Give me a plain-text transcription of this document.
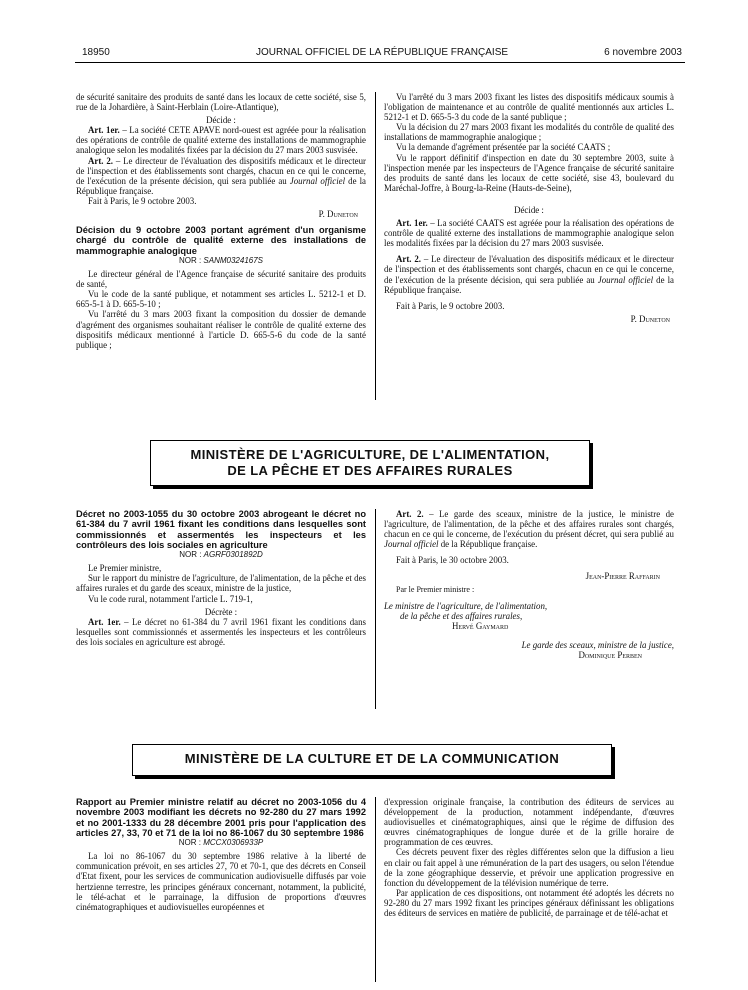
18950	JOURNAL OFFICIEL DE LA RÉPUBLIQUE FRANÇAISE	6 novembre 2003

de sécurité sanitaire des produits de santé dans les locaux de cette société, sise 5, rue de la Johardière, à Saint-Herblain (Loire-Atlantique),

Décide :

Art. 1er. – La société CETE APAVE nord-ouest est agréée pour la réalisation des opérations de contrôle de qualité externe des installations de mammographie analogique selon les modalités fixées par la décision du 27 mars 2003 susvisée.

Art. 2. – Le directeur de l'évaluation des dispositifs médicaux et le directeur de l'inspection et des établissements sont chargés, chacun en ce qui le concerne, de l'exécution de la présente décision, qui sera publiée au Journal officiel de la République française.

Fait à Paris, le 9 octobre 2003.

P. Duneton

Décision du 9 octobre 2003 portant agrément d'un organisme chargé du contrôle de qualité externe des installations de mammographie analogique

NOR : SANM0324167S

Le directeur général de l'Agence française de sécurité sanitaire des produits de santé,

Vu le code de la santé publique, et notamment ses articles L. 5212-1 et D. 665-5-1 à D. 665-5-10 ;

Vu l'arrêté du 3 mars 2003 fixant la composition du dossier de demande d'agrément des organismes souhaitant réaliser le contrôle de qualité externe des dispositifs médicaux mentionné à l'article D. 665-5-6 du code de la santé publique ;

Vu l'arrêté du 3 mars 2003 fixant les listes des dispositifs médicaux soumis à l'obligation de maintenance et au contrôle de qualité mentionnés aux articles L. 5212-1 et D. 665-5-3 du code de la santé publique ;

Vu la décision du 27 mars 2003 fixant les modalités du contrôle de qualité des installations de mammographie analogique ;

Vu la demande d'agrément présentée par la société CAATS ;

Vu le rapport définitif d'inspection en date du 30 septembre 2003, suite à l'inspection menée par les inspecteurs de l'Agence française de sécurité sanitaire des produits de santé dans les locaux de cette société, sise 43, boulevard du Maréchal-Joffre, à Bourg-la-Reine (Hauts-de-Seine),

Décide :

Art. 1er. – La société CAATS est agréée pour la réalisation des opérations de contrôle de qualité externe des installations de mammographie analogique selon les modalités fixées par la décision du 27 mars 2003 susvisée.

Art. 2. – Le directeur de l'évaluation des dispositifs médicaux et le directeur de l'inspection et des établissements sont chargés, chacun en ce qui le concerne, de l'exécution de la présente décision, qui sera publiée au Journal officiel de la République française.

Fait à Paris, le 9 octobre 2003.

P. Duneton

MINISTÈRE DE L'AGRICULTURE, DE L'ALIMENTATION,
DE LA PÊCHE ET DES AFFAIRES RURALES

Décret no 2003-1055 du 30 octobre 2003 abrogeant le décret no 61-384 du 7 avril 1961 fixant les conditions dans lesquelles sont commissionnés et assermentés les inspecteurs et les contrôleurs des lois sociales en agriculture

NOR : AGRF0301892D

Le Premier ministre,

Sur le rapport du ministre de l'agriculture, de l'alimentation, de la pêche et des affaires rurales et du garde des sceaux, ministre de la justice,

Vu le code rural, notamment l'article L. 719-1,

Décrète :

Art. 1er. – Le décret no 61-384 du 7 avril 1961 fixant les conditions dans lesquelles sont commissionnés et assermentés les inspecteurs et les contrôleurs des lois sociales en agriculture est abrogé.

Art. 2. – Le garde des sceaux, ministre de la justice, le ministre de l'agriculture, de l'alimentation, de la pêche et des affaires rurales sont chargés, chacun en ce qui le concerne, de l'exécution du présent décret, qui sera publié au Journal officiel de la République française.

Fait à Paris, le 30 octobre 2003.

Jean-Pierre Raffarin

Par le Premier ministre :

Le ministre de l'agriculture, de l'alimentation,

de la pêche et des affaires rurales,

Hervé Gaymard

Le garde des sceaux, ministre de la justice,

Dominique Perben

MINISTÈRE DE LA CULTURE ET DE LA COMMUNICATION

Rapport au Premier ministre relatif au décret no 2003-1056 du 4 novembre 2003 modifiant les décrets no 92-280 du 27 mars 1992 et no 2001-1333 du 28 décembre 2001 pris pour l'application des articles 27, 33, 70 et 71 de la loi no 86-1067 du 30 septembre 1986

NOR : MCCX0306933P

La loi no 86-1067 du 30 septembre 1986 relative à la liberté de communication prévoit, en ses articles 27, 70 et 70-1, que des décrets en Conseil d'Etat fixent, pour les services de communication audiovisuelle diffusés par voie hertzienne terrestre, les principes généraux concernant, notamment, la publicité, le télé-achat et le parrainage, la diffusion de proportions d'œuvres cinématographiques et audiovisuelles européennes et

d'expression originale française, la contribution des éditeurs de services au développement de la production, notamment indépendante, d'œuvres audiovisuelles et cinématographiques, ainsi que le régime de diffusion des œuvres cinématographiques de longue durée et de la grille horaire de programmation de ces œuvres.

Ces décrets peuvent fixer des règles différentes selon que la diffusion a lieu en clair ou fait appel à une rémunération de la part des usagers, ou selon l'étendue de la zone géographique desservie, et prévoir une application progressive en fonction du développement de la télévision numérique de terre.

Par application de ces dispositions, ont notamment été adoptés les décrets no 92-280 du 27 mars 1992 fixant les principes généraux définissant les obligations des éditeurs de services en matière de publicité, de parrainage et de télé-achat et
